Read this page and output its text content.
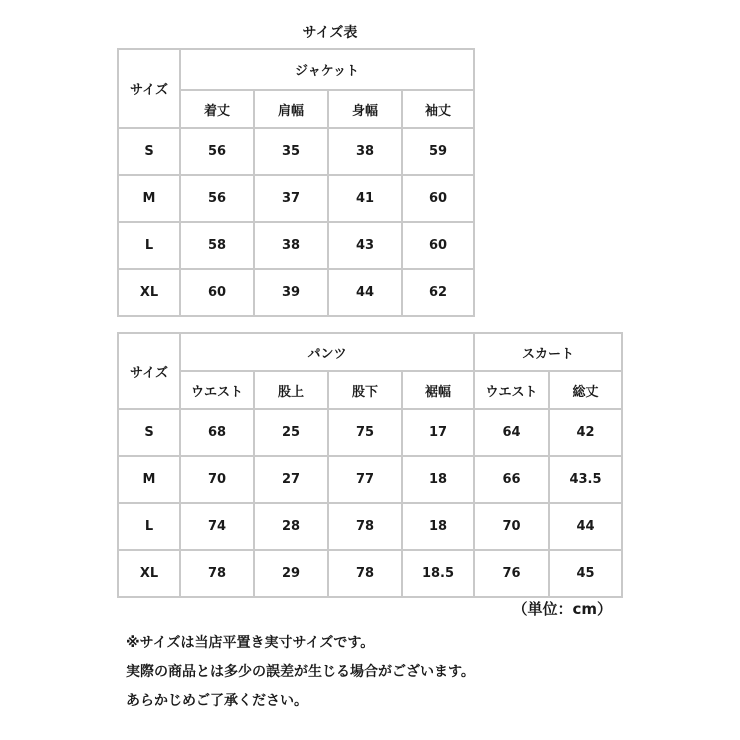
サイズ表
サイズ	ジャケット			
	着丈	肩幅	身幅	袖丈
S	56	35	38	59
M	56	37	41	60
L	58	38	43	60
XL	60	39	44	62
サイズ	パンツ				スカート	
	ウエスト	股上	股下	裾幅	ウエスト	総丈
S	68	25	75	17	64	42
M	70	27	77	18	66	43.5
L	74	28	78	18	70	44
XL	78	29	78	18.5	76	45
（単位：cm）

※サイズは当店平置き実寸サイズです。

実際の商品とは多少の誤差が生じる場合がございます。

あらかじめご了承ください。
